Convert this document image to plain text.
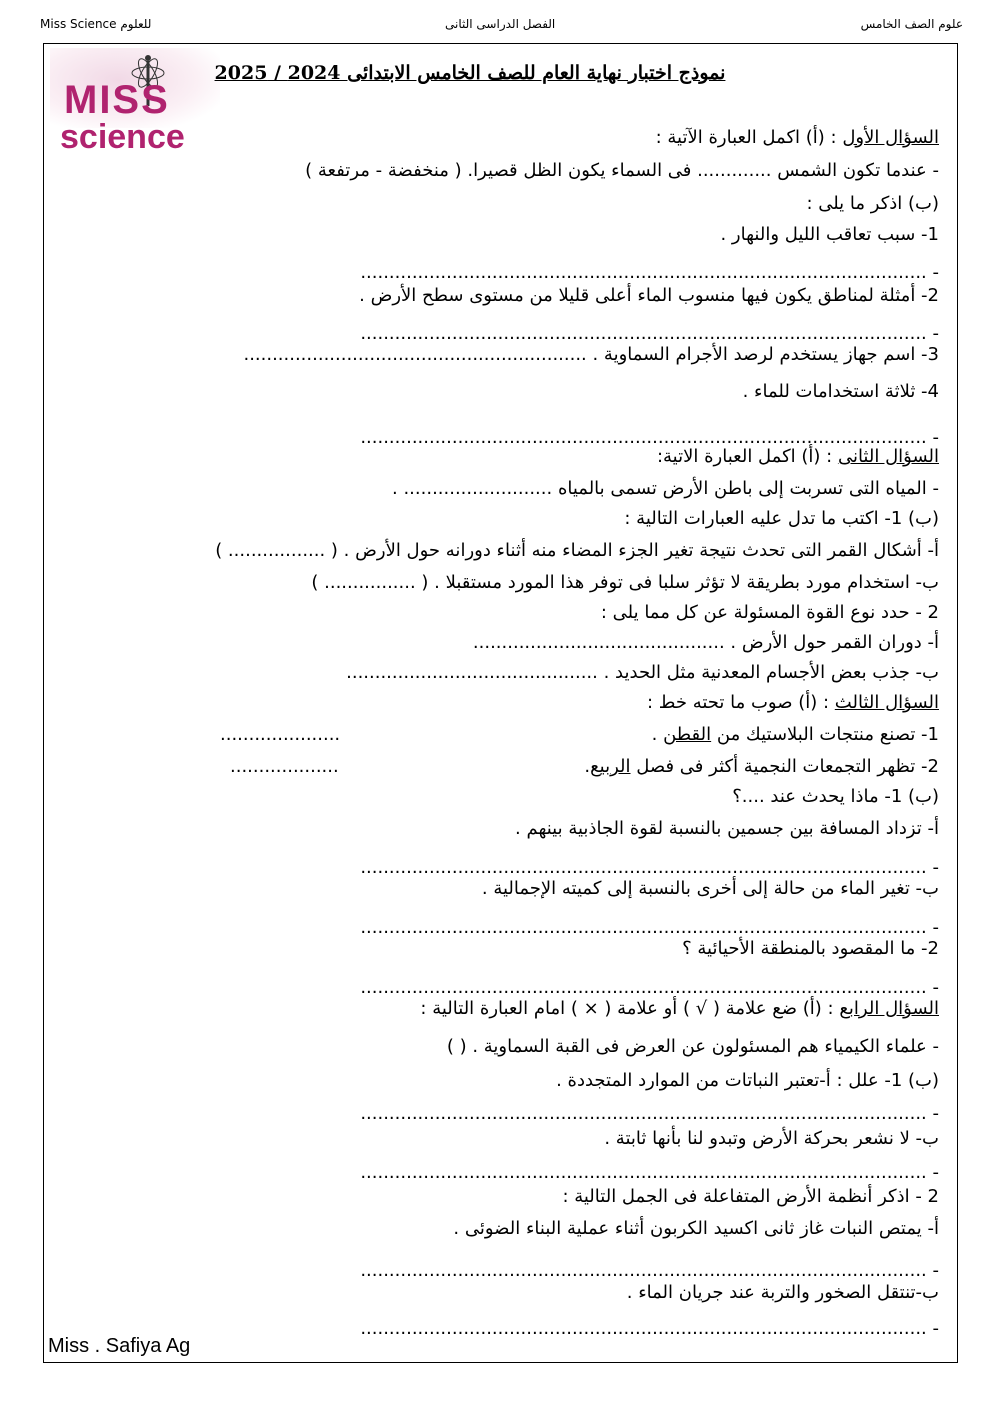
علوم الصف الخامس
الفصل الدراسى الثانى
Miss Science للعلوم
MISS
science
نموذج اختبار نهاية العام للصف الخامس الابتدائى 2024 / 2025
السؤال الأول : (أ) اكمل العبارة الآتية :
- عندما تكون الشمس ............. فى السماء يكون الظل قصيرا. ( منخفضة - مرتفعة )
(ب) اذكر ما يلى :
1- سبب تعاقب الليل والنهار .
2- أمثلة لمناطق يكون فيها منسوب الماء أعلى قليلا من مستوى سطح الأرض .
3- اسم جهاز يستخدم لرصد الأجرام السماوية . ............................................................
4- ثلاثة استخدامات للماء .
السؤال الثانى : (أ) اكمل العبارة الاتية:
- المياه التى تسربت إلى باطن الأرض تسمى بالمياه .......................... .
(ب) 1- اكتب ما تدل عليه العبارات التالية :
أ- أشكال القمر التى تحدث نتيجة تغير الجزء المضاء منه أثناء دورانه حول الأرض . ( ................. )
ب- استخدام مورد بطريقة لا تؤثر سلبا فى توفر هذا المورد مستقبلا . ( ................ )
2 - حدد نوع القوة المسئولة عن كل مما يلى :
أ- دوران القمر حول الأرض . ............................................
ب- جذب بعض الأجسام المعدنية مثل الحديد . ............................................
السؤال الثالث : (أ) صوب ما تحته خط :
.....................	1- تصنع منتجات البلاستيك من القطن .
...................	2- تظهر التجمعات النجمية أكثر فى فصل الربيع.
(ب) 1- ماذا يحدث عند ....؟
أ- تزداد المسافة بين جسمين بالنسبة لقوة الجاذبية بينهم .
ب- تغير الماء من حالة إلى أخرى بالنسبة إلى كميته الإجمالية .
2- ما المقصود بالمنطقة الأحيائية ؟
السؤال الرابع : (أ) ضع علامة ( √ ) أو علامة ( × ) امام العبارة التالية :
- علماء الكيمياء هم المسئولون عن العرض فى القبة السماوية . ( )
(ب) 1- علل : أ-تعتبر النباتات من الموارد المتجددة .
ب- لا نشعر بحركة الأرض وتبدو لنا بأنها ثابتة .
2 - اذكر أنظمة الأرض المتفاعلة فى الجمل التالية :
أ- يمتص النبات غاز ثانى اكسيد الكربون أثناء عملية البناء الضوئى .
ب-تنتقل الصخور والتربة عند جريان الماء .
- ...................................................................................................
- ...................................................................................................
- ...................................................................................................
- ...................................................................................................
- ...................................................................................................
- ...................................................................................................
- ...................................................................................................
- ...................................................................................................
- ...................................................................................................
- ...................................................................................................
Miss . Safiya Ag
